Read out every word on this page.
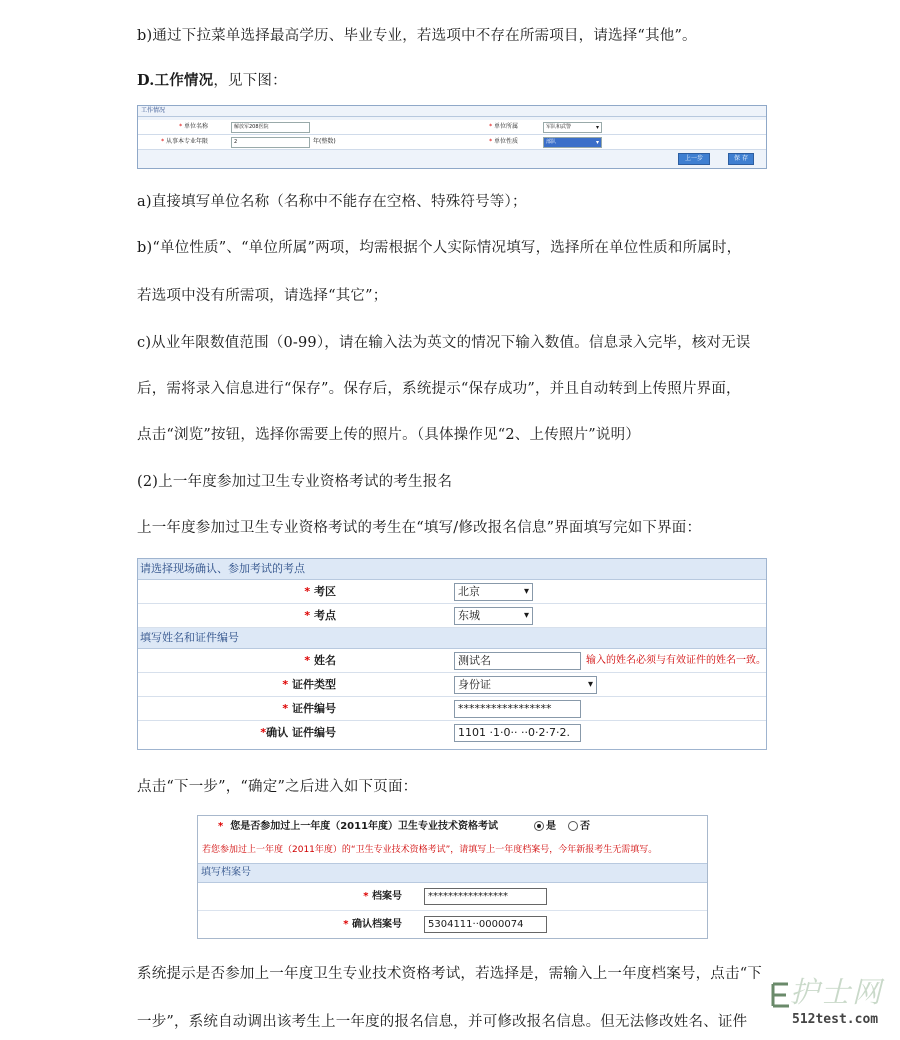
b)通过下拉菜单选择最高学历、毕业专业，若选项中不存在所需项目，请选择“其他”。
D.工作情况，见下图：
工作情况
* 单位名称	解放军208医院	* 单位所属	军队和武警 ▾
* 从事本专业年限	2	年(整数)	* 单位性质	部队 ▾
上一步	保 存
a)直接填写单位名称（名称中不能存在空格、特殊符号等）；
b)“单位性质”、“单位所属”两项，均需根据个人实际情况填写，选择所在单位性质和所属时，
若选项中没有所需项，请选择“其它”；
c)从业年限数值范围（0-99），请在输入法为英文的情况下输入数值。信息录入完毕，核对无误
后，需将录入信息进行“保存”。保存后，系统提示“保存成功”，并且自动转到上传照片界面，
点击“浏览”按钮，选择你需要上传的照片。（具体操作见“2、上传照片”说明）
(2)上一年度参加过卫生专业资格考试的考生报名
上一年度参加过卫生专业资格考试的考生在“填写/修改报名信息”界面填写完如下界面：
请选择现场确认、参加考试的考点
* 考区	北京 ▾
* 考点	东城 ▾
填写姓名和证件编号
* 姓名	测试名	输入的姓名必须与有效证件的姓名一致。
* 证件类型	身份证 ▾
* 证件编号	*****************
*确认 证件编号	1101 ·1·0·· ··0·2·7·2.
点击“下一步”，“确定”之后进入如下页面：
* 您是否参加过上一年度（2011年度）卫生专业技术资格考试	是	否
若您参加过上一年度（2011年度）的“卫生专业技术资格考试”，请填写上一年度档案号，今年新报考生无需填写。
填写档案号
* 档案号	****************
* 确认档案号	5304111··0000074
系统提示是否参加上一年度卫生专业技术资格考试，若选择是，需输入上一年度档案号，点击“下
一步”，系统自动调出该考生上一年度的报名信息，并可修改报名信息。但无法修改姓名、证件
护士网
512test.com
